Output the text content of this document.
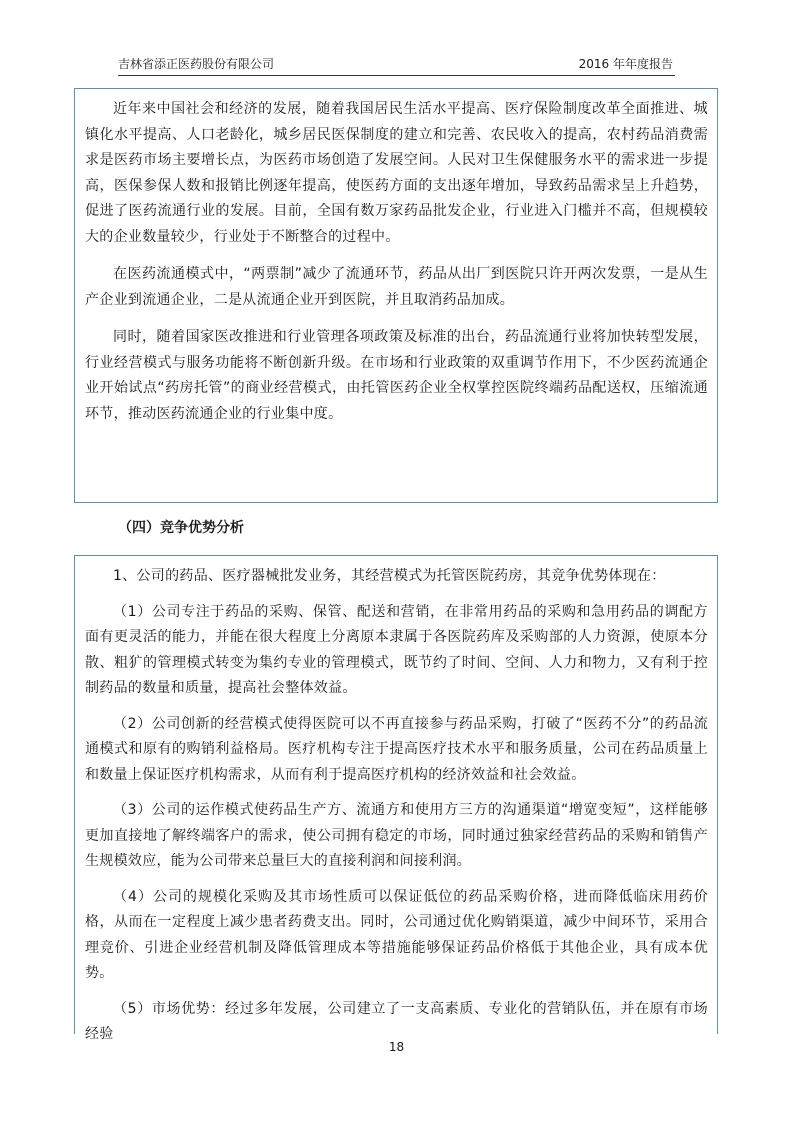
吉林省添正医药股份有限公司	2016 年年度报告

近年来中国社会和经济的发展，随着我国居民生活水平提高、医疗保险制度改革全面推进、城镇化水平提高、人口老龄化，城乡居民医保制度的建立和完善、农民收入的提高，农村药品消费需求是医药市场主要增长点，为医药市场创造了发展空间。人民对卫生保健服务水平的需求进一步提高，医保参保人数和报销比例逐年提高，使医药方面的支出逐年增加，导致药品需求呈上升趋势，促进了医药流通行业的发展。目前，全国有数万家药品批发企业，行业进入门槛并不高，但规模较大的企业数量较少，行业处于不断整合的过程中。

在医药流通模式中，“两票制”减少了流通环节，药品从出厂到医院只许开两次发票，一是从生产企业到流通企业，二是从流通企业开到医院，并且取消药品加成。

同时，随着国家医改推进和行业管理各项政策及标准的出台，药品流通行业将加快转型发展，行业经营模式与服务功能将不断创新升级。在市场和行业政策的双重调节作用下，不少医药流通企业开始试点“药房托管”的商业经营模式，由托管医药企业全权掌控医院终端药品配送权，压缩流通环节，推动医药流通企业的行业集中度。

（四）竞争优势分析

1、公司的药品、医疗器械批发业务，其经营模式为托管医院药房，其竞争优势体现在：

（1）公司专注于药品的采购、保管、配送和营销，在非常用药品的采购和急用药品的调配方面有更灵活的能力，并能在很大程度上分离原本隶属于各医院药库及采购部的人力资源，使原本分散、粗犷的管理模式转变为集约专业的管理模式，既节约了时间、空间、人力和物力，又有利于控制药品的数量和质量，提高社会整体效益。

（2）公司创新的经营模式使得医院可以不再直接参与药品采购，打破了“医药不分”的药品流通模式和原有的购销利益格局。医疗机构专注于提高医疗技术水平和服务质量，公司在药品质量上和数量上保证医疗机构需求，从而有利于提高医疗机构的经济效益和社会效益。

（3）公司的运作模式使药品生产方、流通方和使用方三方的沟通渠道“增宽变短”，这样能够更加直接地了解终端客户的需求，使公司拥有稳定的市场，同时通过独家经营药品的采购和销售产生规模效应，能为公司带来总量巨大的直接利润和间接利润。

（4）公司的规模化采购及其市场性质可以保证低位的药品采购价格，进而降低临床用药价格，从而在一定程度上减少患者药费支出。同时，公司通过优化购销渠道，减少中间环节，采用合理竞价、引进企业经营机制及降低管理成本等措施能够保证药品价格低于其他企业，具有成本优势。

（5）市场优势：经过多年发展，公司建立了一支高素质、专业化的营销队伍，并在原有市场经验

18
